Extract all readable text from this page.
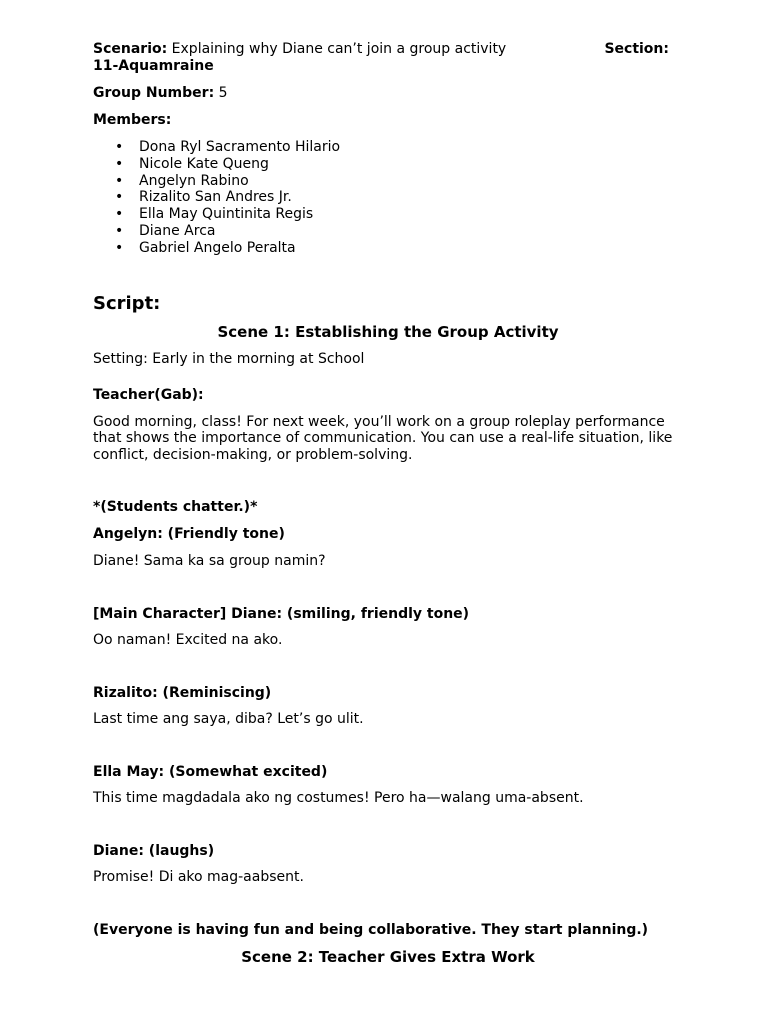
Scenario: Explaining why Diane can’t join a group activity	Section:
11-Aquamraine
Group Number: 5
Members:
• Dona Ryl Sacramento Hilario
• Nicole Kate Queng
• Angelyn Rabino
• Rizalito San Andres Jr.
• Ella May Quintinita Regis
• Diane Arca
• Gabriel Angelo Peralta
Script:
Scene 1: Establishing the Group Activity
Setting: Early in the morning at School
Teacher(Gab):
Good morning, class! For next week, you’ll work on a group roleplay performance that shows the importance of communication. You can use a real-life situation, like conflict, decision-making, or problem-solving.
*(Students chatter.)*
Angelyn: (Friendly tone)
Diane! Sama ka sa group namin?
[Main Character] Diane: (smiling, friendly tone)
Oo naman! Excited na ako.
Rizalito: (Reminiscing)
Last time ang saya, diba? Let’s go ulit.
Ella May: (Somewhat excited)
This time magdadala ako ng costumes! Pero ha—walang uma-absent.
Diane: (laughs)
Promise! Di ako mag-aabsent.
(Everyone is having fun and being collaborative. They start planning.)
Scene 2: Teacher Gives Extra Work
